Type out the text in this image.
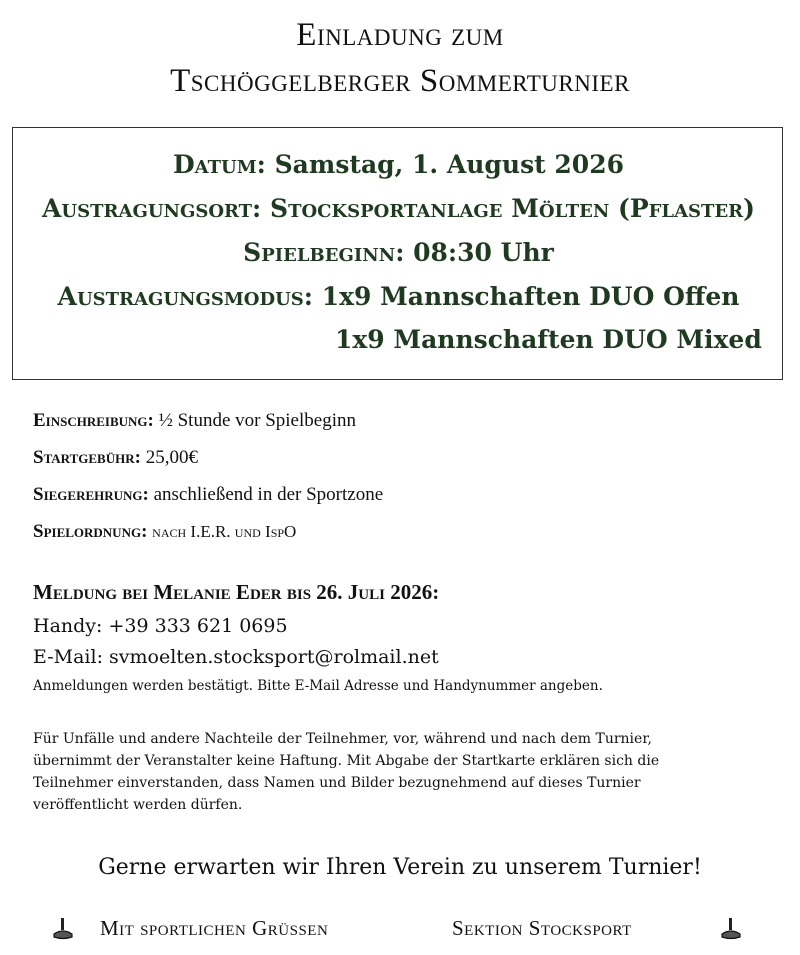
Einladung zum
Tschöggelberger Sommerturnier
Datum: Samstag, 1. August 2026
Austragungsort: Stocksportanlage Mölten (Pflaster)
Spielbeginn: 08:30 Uhr
Austragungsmodus: 1x9 Mannschaften DUO Offen
1x9 Mannschaften DUO Mixed
Einschreibung: ½ Stunde vor Spielbeginn
Startgebühr: 25,00€
Siegerehrung: anschließend in der Sportzone
Spielordnung: nach I.E.R. und IspO
Meldung bei Melanie Eder bis 26. Juli 2026:
Handy: +39 333 621 0695
E-Mail: svmoelten.stocksport@rolmail.net
Anmeldungen werden bestätigt. Bitte E-Mail Adresse und Handynummer angeben.
Für Unfälle und andere Nachteile der Teilnehmer, vor, während und nach dem Turnier,
übernimmt der Veranstalter keine Haftung. Mit Abgabe der Startkarte erklären sich die
Teilnehmer einverstanden, dass Namen und Bilder bezugnehmend auf dieses Turnier
veröffentlicht werden dürfen.
Gerne erwarten wir Ihren Verein zu unserem Turnier!
Mit sportlichen Grüssen	Sektion Stocksport
